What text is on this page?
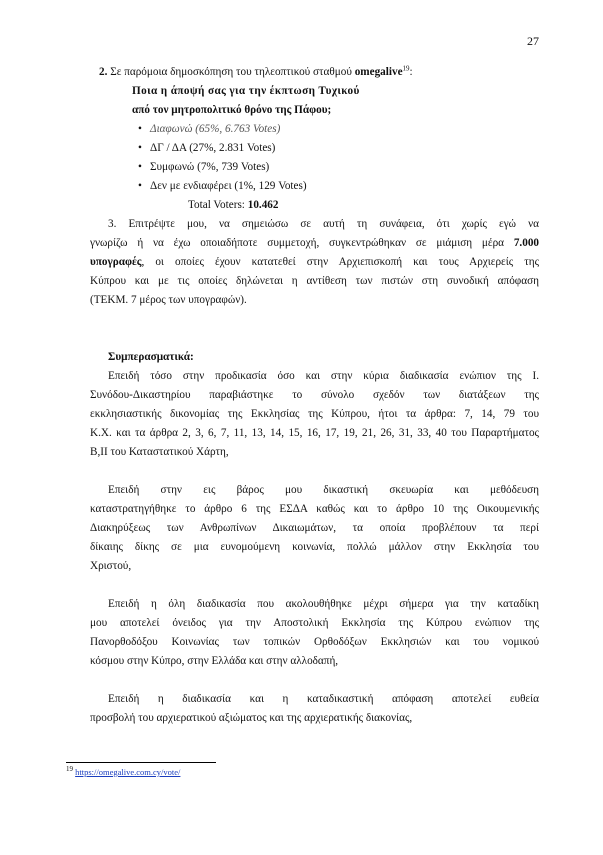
27
2. Σε παρόμοια δημοσκόπηση του τηλεοπτικού σταθμού omegalive$^{19}$:
Ποια η άποψή σας για την έκπτωση Τυχικού
από τον μητροπολιτικό θρόνο της Πάφου;
• Διαφωνώ (65%, 6.763 Votes)
• ΔΓ / ΔΑ (27%, 2.831 Votes)
• Συμφωνώ (7%, 739 Votes)
• Δεν με ενδιαφέρει (1%, 129 Votes)
Total Voters: 10.462
3. Επιτρέψτε μου, να σημειώσω σε αυτή τη συνάφεια, ότι χωρίς εγώ να
γνωρίζω ή να έχω οποιαδήποτε συμμετοχή, συγκεντρώθηκαν σε μιάμιση μέρα 7.000
υπογραφές, οι οποίες έχουν κατατεθεί στην Αρχιεπισκοπή και τους Αρχιερείς της
Κύπρου και με τις οποίες δηλώνεται η αντίθεση των πιστών στη συνοδική απόφαση
(ΤΕΚΜ. 7 μέρος των υπογραφών).
Συμπερασματικά:
Επειδή τόσο στην προδικασία όσο και στην κύρια διαδικασία ενώπιον της Ι.
Συνόδου-Δικαστηρίου παραβιάστηκε το σύνολο σχεδόν των διατάξεων της
εκκλησιαστικής δικονομίας της Εκκλησίας της Κύπρου, ήτοι τα άρθρα: 7, 14, 79 του
Κ.Χ. και τα άρθρα 2, 3, 6, 7, 11, 13, 14, 15, 16, 17, 19, 21, 26, 31, 33, 40 του Παραρτήματος
Β,ΙΙ του Καταστατικού Χάρτη,
Επειδή στην εις βάρος μου δικαστική σκευωρία και μεθόδευση
καταστρατηγήθηκε το άρθρο 6 της ΕΣΔΑ καθώς και το άρθρο 10 της Οικουμενικής
Διακηρύξεως των Ανθρωπίνων Δικαιωμάτων, τα οποία προβλέπουν τα περί
δίκαιης δίκης σε μια ευνομούμενη κοινωνία, πολλώ μάλλον στην Εκκλησία του
Χριστού,
Επειδή η όλη διαδικασία που ακολουθήθηκε μέχρι σήμερα για την καταδίκη
μου αποτελεί όνειδος για την Αποστολική Εκκλησία της Κύπρου ενώπιον της
Πανορθοδόξου Κοινωνίας των τοπικών Ορθοδόξων Εκκλησιών και του νομικού
κόσμου στην Κύπρο, στην Ελλάδα και στην αλλοδαπή,
Επειδή η διαδικασία και η καταδικαστική απόφαση αποτελεί ευθεία
προσβολή του αρχιερατικού αξιώματος και της αρχιερατικής διακονίας,
$^{19}$ https://omegalive.com.cy/vote/
